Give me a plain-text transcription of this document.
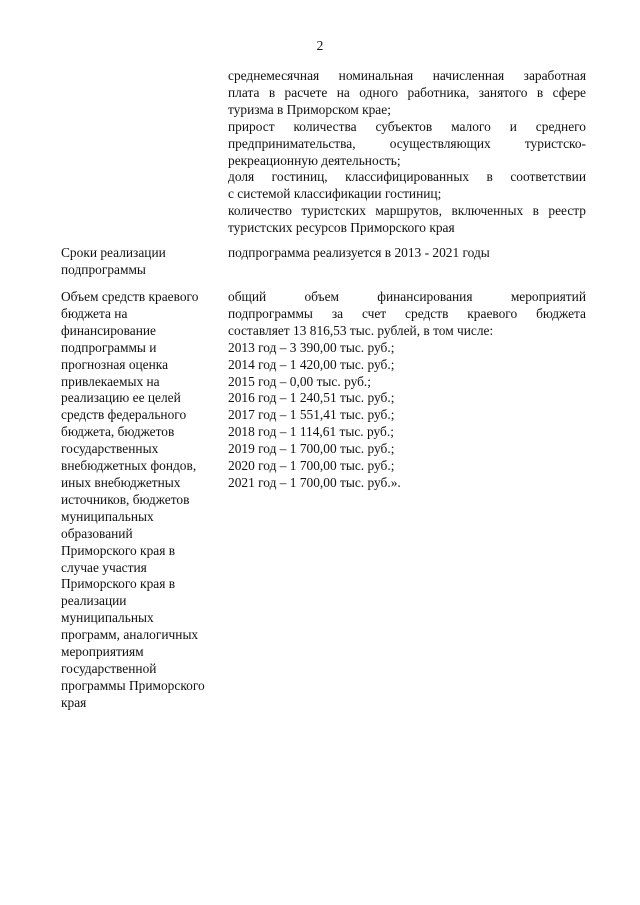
2
среднемесячная номинальная начисленная заработная
плата в расчете на одного работника, занятого в сфере
туризма в Приморском крае;
прирост количества субъектов малого и среднего
предпринимательства, осуществляющих туристско-
рекреационную деятельность;
доля гостиниц, классифицированных в соответствии
с системой классификации гостиниц;
количество туристских маршрутов, включенных в реестр
туристских ресурсов Приморского края
Сроки реализации
подпрограммы
подпрограмма реализуется в 2013 - 2021 годы
Объем средств краевого
бюджета на
финансирование
подпрограммы и
прогнозная оценка
привлекаемых на
реализацию ее целей
средств федерального
бюджета, бюджетов
государственных
внебюджетных фондов,
иных внебюджетных
источников, бюджетов
муниципальных
образований
Приморского края в
случае участия
Приморского края в
реализации
муниципальных
программ, аналогичных
мероприятиям
государственной
программы Приморского
края
общий объем финансирования мероприятий
подпрограммы за счет средств краевого бюджета
составляет 13 816,53 тыс. рублей, в том числе:
2013 год – 3 390,00 тыс. руб.;
2014 год – 1 420,00 тыс. руб.;
2015 год – 0,00 тыс. руб.;
2016 год – 1 240,51 тыс. руб.;
2017 год – 1 551,41 тыс. руб.;
2018 год – 1 114,61 тыс. руб.;
2019 год – 1 700,00 тыс. руб.;
2020 год – 1 700,00 тыс. руб.;
2021 год – 1 700,00 тыс. руб.».
